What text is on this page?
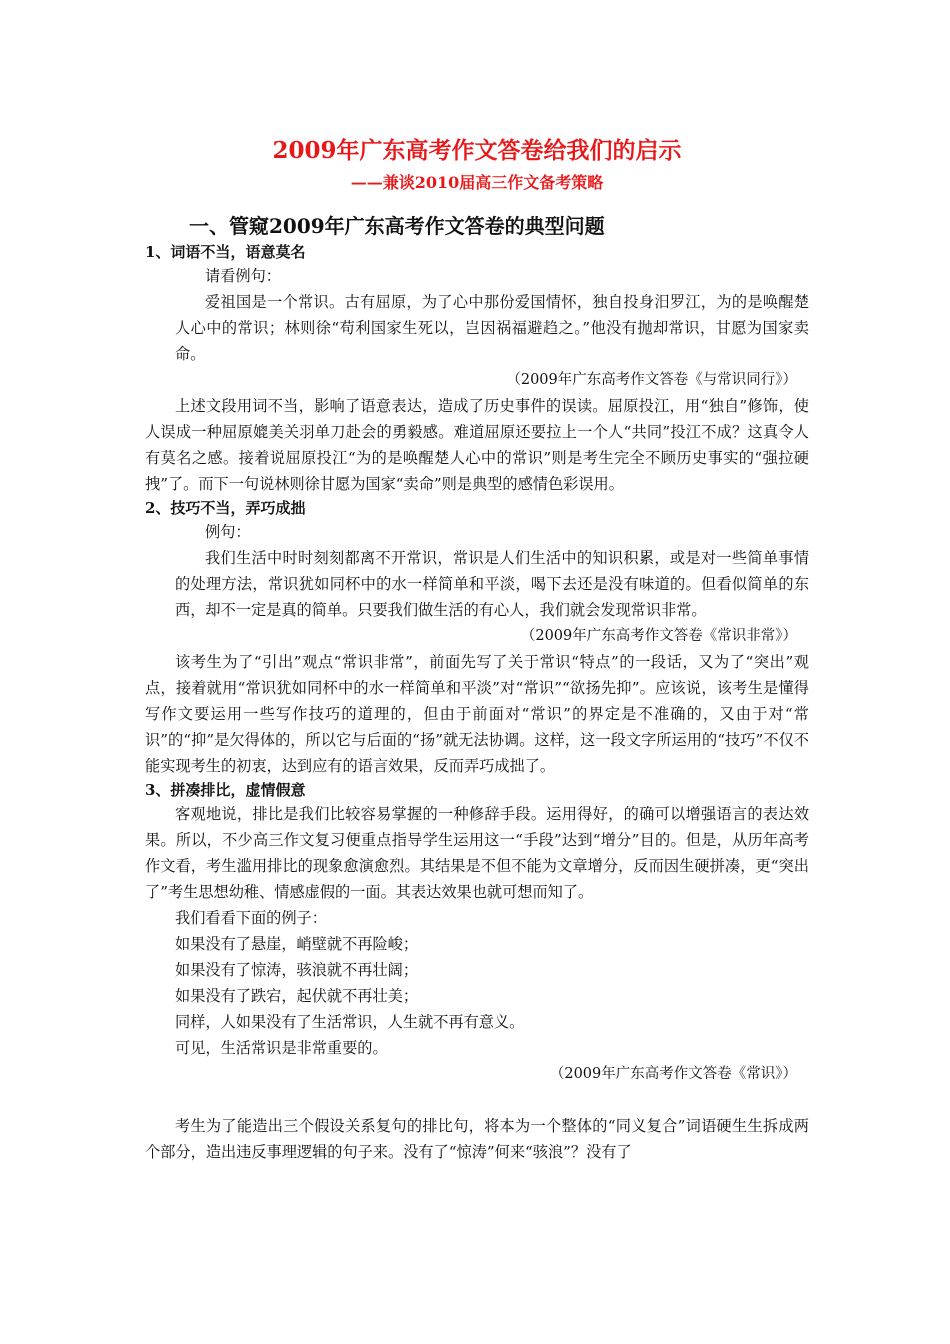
2009年广东高考作文答卷给我们的启示
——兼谈2010届高三作文备考策略
一、管窥2009年广东高考作文答卷的典型问题
1、词语不当，语意莫名

请看例句：

爱祖国是一个常识。古有屈原，为了心中那份爱国情怀，独自投身汨罗江，为的是唤醒楚人心中的常识；林则徐“苟利国家生死以，岂因祸福避趋之。”他没有抛却常识，甘愿为国家卖命。

（2009年广东高考作文答卷《与常识同行》）

上述文段用词不当，影响了语意表达，造成了历史事件的误读。屈原投江，用“独自”修饰，使人误成一种屈原媲美关羽单刀赴会的勇毅感。难道屈原还要拉上一个人“共同”投江不成？这真令人有莫名之感。接着说屈原投江“为的是唤醒楚人心中的常识”则是考生完全不顾历史事实的“强拉硬拽”了。而下一句说林则徐甘愿为国家“卖命”则是典型的感情色彩误用。

2、技巧不当，弄巧成拙

例句：

我们生活中时时刻刻都离不开常识，常识是人们生活中的知识积累，或是对一些简单事情的处理方法，常识犹如同杯中的水一样简单和平淡，喝下去还是没有味道的。但看似简单的东西，却不一定是真的简单。只要我们做生活的有心人，我们就会发现常识非常。

（2009年广东高考作文答卷《常识非常》）

该考生为了“引出”观点“常识非常”，前面先写了关于常识“特点”的一段话，又为了“突出”观点，接着就用“常识犹如同杯中的水一样简单和平淡”对“常识”“欲扬先抑”。应该说，该考生是懂得写作文要运用一些写作技巧的道理的，但由于前面对“常识”的界定是不准确的，又由于对“常识”的“抑”是欠得体的，所以它与后面的“扬”就无法协调。这样，这一段文字所运用的“技巧”不仅不能实现考生的初衷，达到应有的语言效果，反而弄巧成拙了。

3、拼凑排比，虚情假意

客观地说，排比是我们比较容易掌握的一种修辞手段。运用得好，的确可以增强语言的表达效果。所以，不少高三作文复习便重点指导学生运用这一“手段”达到“增分”目的。但是，从历年高考作文看，考生滥用排比的现象愈演愈烈。其结果是不但不能为文章增分，反而因生硬拼凑，更“突出了”考生思想幼稚、情感虚假的一面。其表达效果也就可想而知了。

我们看看下面的例子：

如果没有了悬崖，峭壁就不再险峻；

如果没有了惊涛，骇浪就不再壮阔；

如果没有了跌宕，起伏就不再壮美；

同样，人如果没有了生活常识，人生就不再有意义。

可见，生活常识是非常重要的。

（2009年广东高考作文答卷《常识》）

考生为了能造出三个假设关系复句的排比句，将本为一个整体的“同义复合”词语硬生生拆成两个部分，造出违反事理逻辑的句子来。没有了“惊涛”何来“骇浪”？没有了
